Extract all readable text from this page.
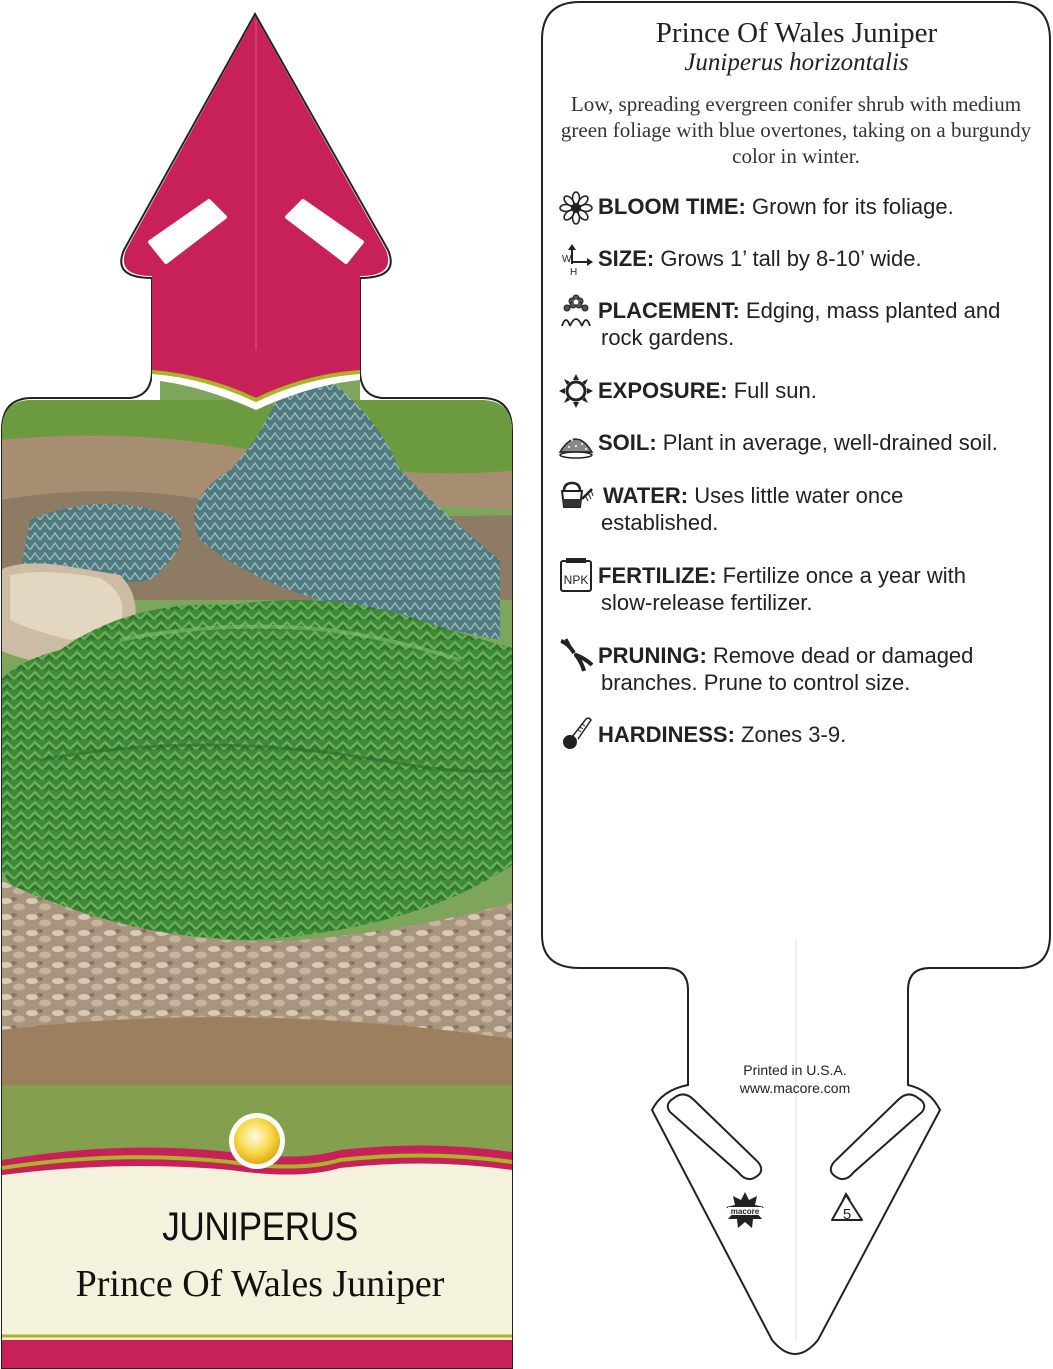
macore	5
JUNIPERUS
Prince Of Wales Juniper
Prince Of Wales Juniper
Juniperus horizontalis
Low, spreading evergreen conifer shrub with medium green foliage with blue overtones, taking on a burgundy color in winter.
BLOOM TIME: Grown for its foliage.
SIZE: Grows 1’ tall by 8-10’ wide.
PLACEMENT: Edging, mass planted and
rock gardens.
EXPOSURE: Full sun.
SOIL: Plant in average, well-drained soil.
WATER: Uses little water once
established.
FERTILIZE: Fertilize once a year with
slow-release fertilizer.
PRUNING: Remove dead or damaged
branches. Prune to control size.
HARDINESS: Zones 3-9.
W
H
NPK
Printed in U.S.A.
www.macore.com
